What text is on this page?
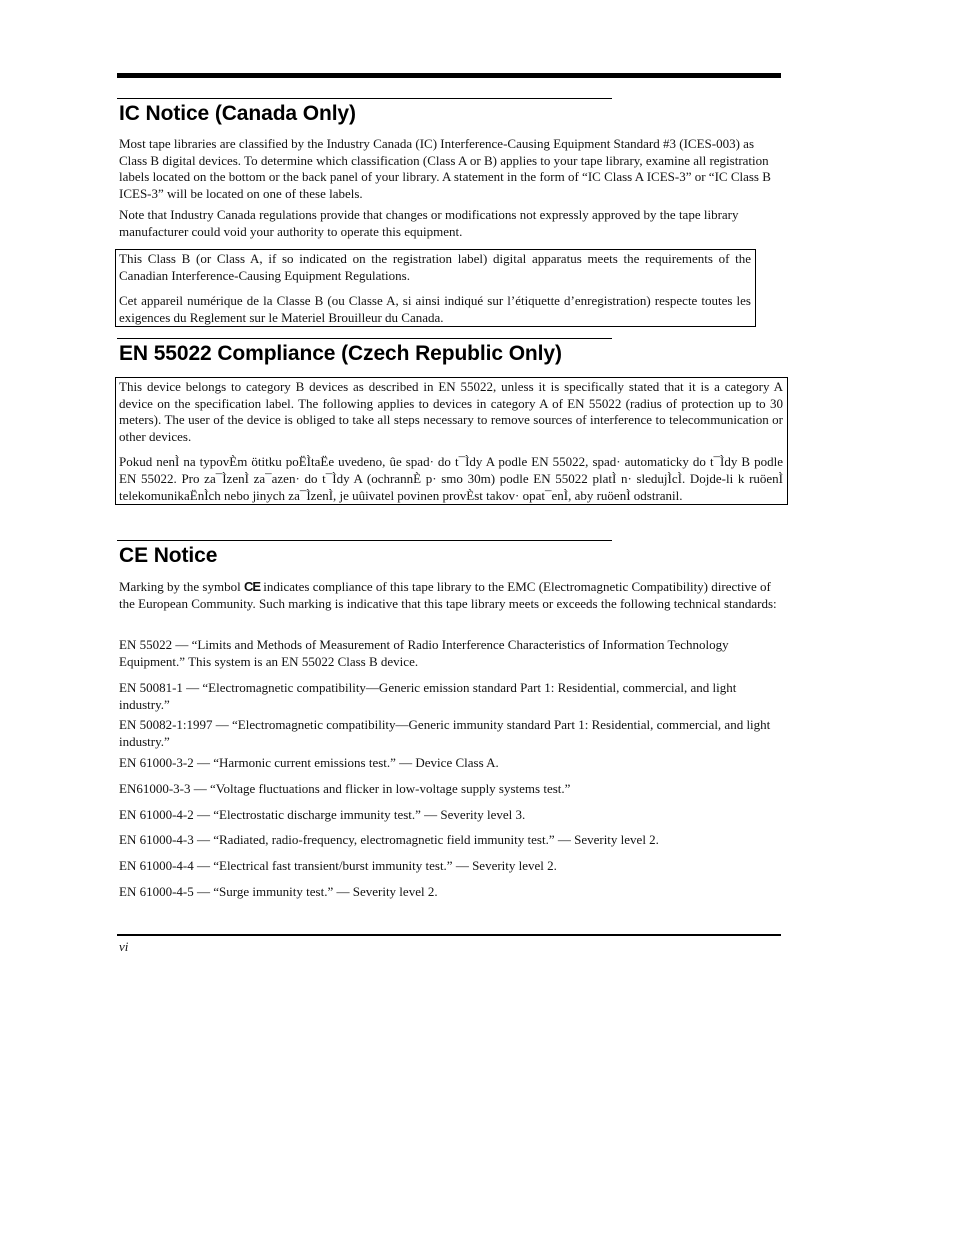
IC Notice (Canada Only)

Most tape libraries are classified by the Industry Canada (IC) Interference-Causing Equipment Standard #3 (ICES-003) as Class B digital devices. To determine which classification (Class A or B) applies to your tape library, examine all registration labels located on the bottom or the back panel of your library. A statement in the form of “IC Class A ICES-3” or “IC Class B ICES-3” will be located on one of these labels.

Note that Industry Canada regulations provide that changes or modifications not expressly approved by the tape library manufacturer could void your authority to operate this equipment.

This Class B (or Class A, if so indicated on the registration label) digital apparatus meets the requirements of the Canadian Interference-Causing Equipment Regulations.

Cet appareil numérique de la Classe B (ou Classe A, si ainsi indiqué sur l’étiquette d’enregistration) respecte toutes les exigences du Reglement sur le Materiel Brouilleur du Canada.

EN 55022 Compliance (Czech Republic Only)

This device belongs to category B devices as described in EN 55022, unless it is specifically stated that it is a category A device on the specification label. The following applies to devices in category A of EN 55022 (radius of protection up to 30 meters). The user of the device is obliged to take all steps necessary to remove sources of interference to telecommunication or other devices.

Pokud nenÌ na typovÈm ötitku poËÌtaËe uvedeno, ûe spad· do t¯Ìdy A podle EN 55022, spad· automaticky do t¯Ìdy B podle EN 55022. Pro za¯ÌzenÌ za¯azen· do t¯Ìdy A (ochrannÈ p· smo 30m) podle EN 55022 platÌ n· sledujÌcÌ. Dojde-li k ruöenÌ telekomunikaËnÌch nebo jinych za¯ÌzenÌ, je uûivatel povinen provÈst takov· opat¯enÌ, aby ruöenÌ odstranil.

CE Notice

Marking by the symbol CE indicates compliance of this tape library to the EMC (Electromagnetic Compatibility) directive of the European Community. Such marking is indicative that this tape library meets or exceeds the following technical standards:

EN 55022 — “Limits and Methods of Measurement of Radio Interference Characteristics of Information Technology Equipment.” This system is an EN 55022 Class B device.

EN 50081-1 — “Electromagnetic compatibility—Generic emission standard Part 1: Residential, commercial, and light industry.”

EN 50082-1:1997 — “Electromagnetic compatibility—Generic immunity standard Part 1: Residential, commercial, and light industry.”

EN 61000-3-2 — “Harmonic current emissions test.” — Device Class A.

EN61000-3-3 — “Voltage fluctuations and flicker in low-voltage supply systems test.”

EN 61000-4-2 — “Electrostatic discharge immunity test.” — Severity level 3.

EN 61000-4-3 — “Radiated, radio-frequency, electromagnetic field immunity test.” — Severity level 2.

EN 61000-4-4 — “Electrical fast transient/burst immunity test.” — Severity level 2.

EN 61000-4-5 — “Surge immunity test.” — Severity level 2.

vi
